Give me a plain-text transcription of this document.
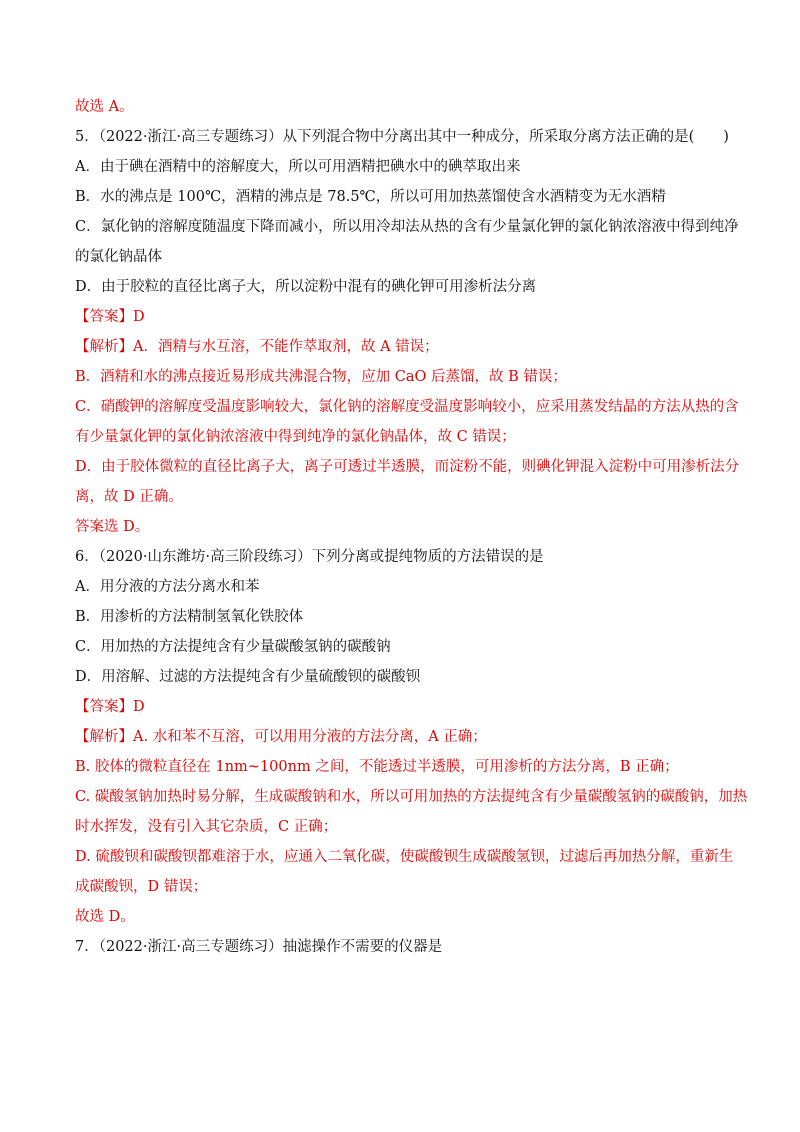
故选 A。
5．（2022·浙江·高三专题练习）从下列混合物中分离出其中一种成分，所采取分离方法正确的是(　　)
A．由于碘在酒精中的溶解度大，所以可用酒精把碘水中的碘萃取出来
B．水的沸点是 100℃，酒精的沸点是 78.5℃，所以可用加热蒸馏使含水酒精变为无水酒精
C．氯化钠的溶解度随温度下降而减小，所以用冷却法从热的含有少量氯化钾的氯化钠浓溶液中得到纯净
的氯化钠晶体
D．由于胶粒的直径比离子大，所以淀粉中混有的碘化钾可用渗析法分离
【答案】D
【解析】A．酒精与水互溶，不能作萃取剂，故 A 错误；
B．酒精和水的沸点接近易形成共沸混合物，应加 CaO 后蒸馏，故 B 错误；
C．硝酸钾的溶解度受温度影响较大，氯化钠的溶解度受温度影响较小，应采用蒸发结晶的方法从热的含
有少量氯化钾的氯化钠浓溶液中得到纯净的氯化钠晶体，故 C 错误；
D．由于胶体微粒的直径比离子大，离子可透过半透膜，而淀粉不能，则碘化钾混入淀粉中可用渗析法分
离，故 D 正确。
答案选 D。
6．（2020·山东潍坊·高三阶段练习）下列分离或提纯物质的方法错误的是
A．用分液的方法分离水和苯
B．用渗析的方法精制氢氧化铁胶体
C．用加热的方法提纯含有少量碳酸氢钠的碳酸钠
D．用溶解、过滤的方法提纯含有少量硫酸钡的碳酸钡
【答案】D
【解析】A. 水和苯不互溶，可以用用分液的方法分离，A 正确；
B. 胶体的微粒直径在 1nm~100nm 之间，不能透过半透膜，可用渗析的方法分离，B 正确；
C. 碳酸氢钠加热时易分解，生成碳酸钠和水，所以可用加热的方法提纯含有少量碳酸氢钠的碳酸钠，加热
时水挥发，没有引入其它杂质，C 正确；
D. 硫酸钡和碳酸钡都难溶于水，应通入二氧化碳，使碳酸钡生成碳酸氢钡，过滤后再加热分解，重新生
成碳酸钡，D 错误；
故选 D。
7．（2022·浙江·高三专题练习）抽滤操作不需要的仪器是
